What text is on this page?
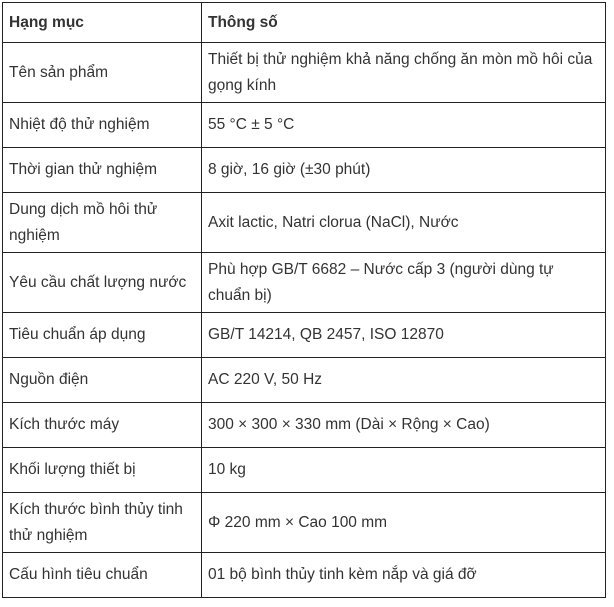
Hạng mục	Thông số
Tên sản phẩm	Thiết bị thử nghiệm khả năng chống ăn mòn mồ hôi của gọng kính
Nhiệt độ thử nghiệm	55 °C ± 5 °C
Thời gian thử nghiệm	8 giờ, 16 giờ (±30 phút)
Dung dịch mồ hôi thử nghiệm	Axit lactic, Natri clorua (NaCl), Nước
Yêu cầu chất lượng nước	Phù hợp GB/T 6682 – Nước cấp 3 (người dùng tự chuẩn bị)
Tiêu chuẩn áp dụng	GB/T 14214, QB 2457, ISO 12870
Nguồn điện	AC 220 V, 50 Hz
Kích thước máy	300 × 300 × 330 mm (Dài × Rộng × Cao)
Khối lượng thiết bị	10 kg
Kích thước bình thủy tinh thử nghiệm	Φ 220 mm × Cao 100 mm
Cấu hình tiêu chuẩn	01 bộ bình thủy tinh kèm nắp và giá đỡ
